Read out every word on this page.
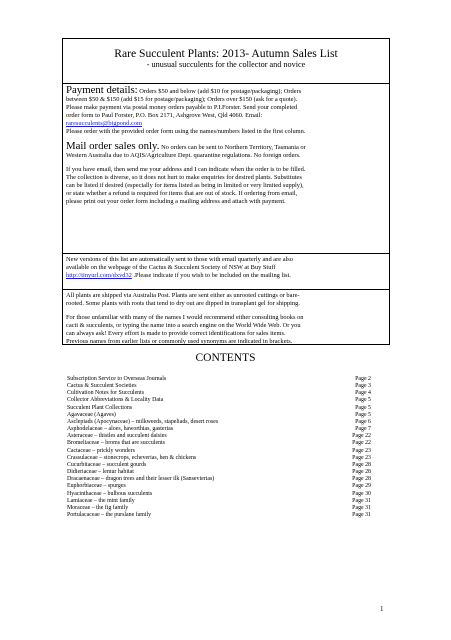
Rare Succulent Plants: 2013- Autumn Sales List
- unusual succulents for the collector and novice

Payment details: Orders $50 and below (add $10 for postage/packaging); Orders
between $50 & $150 (add $15 for postage/packaging); Orders over $150 (ask for a quote).
Please make payment via postal money orders payable to P.I.Forster. Send your completed
order form to Paul Forster, P.O. Box 2171, Ashgrove West, Qld 4060. Email:
raresucculents@bigpond.com
Please order with the provided order form using the names/numbers listed in the first column.

Mail order sales only. No orders can be sent to Northern Territory, Tasmania or
Western Australia due to AQIS/Agriculture Dept. quarantine regulations. No foreign orders.

If you have email, then send me your address and I can indicate when the order is to be filled.
The collection is diverse, so it does not hurt to make enquiries for desired plants. Substitutes
can be listed if desired (especially for items listed as being in limited or very limited supply),
or state whether a refund is required for items that are out of stock. If ordering from email,
please print out your order form including a mailing address and attach with payment.

New versions of this list are automatically sent to those with email quarterly and are also
available on the webpage of the Cactus & Succulent Society of NSW at Buy Stuff
http://tinyurl.com/dxvd32 .Please indicate if you wish to be included on the mailing list.

All plants are shipped via Australia Post. Plants are sent either as unrooted cuttings or bare-
rooted. Some plants with roots that tend to dry out are dipped in transplant gel for shipping.

For those unfamiliar with many of the names I would recommend either consulting books on
cacti & succulents, or typing the name into a search engine on the World Wide Web. Or you
can always ask! Every effort is made to provide correct identifications for sales items.
Previous names from earlier lists or commonly used synonyms are indicated in brackets.

CONTENTS
Subscription Service to Overseas Journals	Page 2
Cactus & Succulent Societies	Page 3
Cultivation Notes for Succulents	Page 4
Collector Abbreviations & Locality Data	Page 5
Succulent Plant Collections	Page 5
Agavaceae (Agaves)	Page 5
Asclepiads (Apocynaceae) – milkweeds, stapeliads, desert roses	Page 6
Asphodelaceae – aloes, haworthias, gasterias	Page 7
Asteraceae – thistles and succulent daisies	Page 22
Bromeliaceae – broms that are succulents	Page 22
Cactaceae – prickly wonders	Page 23
Crassulaceae – stonecrops, echeverias, hen & chickens	Page 23
Cucurbitaceae – succulent gourds	Page 28
Didieriaceae – lemur habitat	Page 28
Dracaenaceae – dragon trees and their lesser ilk (Sansevierias)	Page 28
Euphorbiaceae – spurges	Page 29
Hyacinthaceae – bulbous succulents	Page 30
Lamiaceae – the mint family	Page 31
Moraceae – the fig family	Page 31
Portulacaceae – the purslane family	Page 31
1
